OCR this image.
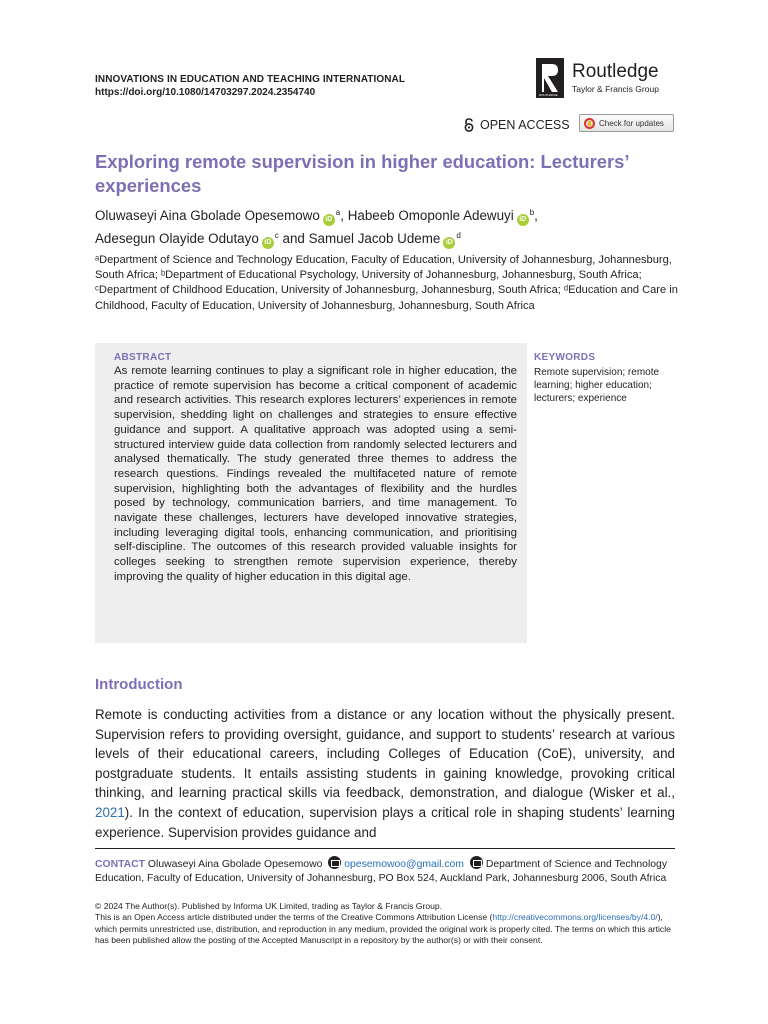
INNOVATIONS IN EDUCATION AND TEACHING INTERNATIONAL
https://doi.org/10.1080/14703297.2024.2354740	ROUTLEDGE
Routledge
Taylor & Francis Group
OPEN ACCESS	Check for updates
Exploring remote supervision in higher education: Lecturers’ experiences
Oluwaseyi Aina Gbolade Opesemowo $iD^a$, Habeeb Omoponle Adewuyi $iD^b$,
Adesegun Olayide Odutayo $iD^c$ and Samuel Jacob Udeme $iD^d$
ᵃDepartment of Science and Technology Education, Faculty of Education, University of Johannesburg, Johannesburg, South Africa; ᵇDepartment of Educational Psychology, University of Johannesburg, Johannesburg, South Africa; ᶜDepartment of Childhood Education, University of Johannesburg, Johannesburg, South Africa; ᵈEducation and Care in Childhood, Faculty of Education, University of Johannesburg, Johannesburg, South Africa
ABSTRACT
As remote learning continues to play a significant role in higher education, the practice of remote supervision has become a critical component of academic and research activities. This research explores lecturers’ experiences in remote supervision, shedding light on challenges and strategies to ensure effective guidance and support. A qualitative approach was adopted using a semi-structured interview guide data collection from randomly selected lecturers and analysed thematically. The study generated three themes to address the research questions. Findings revealed the multifaceted nature of remote supervision, highlighting both the advantages of flexibility and the hurdles posed by technology, communication barriers, and time management. To navigate these challenges, lecturers have developed innovative strategies, including leveraging digital tools, enhancing communication, and prioritising self-discipline. The outcomes of this research provided valuable insights for colleges seeking to strengthen remote supervision experience, thereby improving the quality of higher education in this digital age.
KEYWORDS
Remote supervision; remote learning; higher education; lecturers; experience
Introduction

Remote is conducting activities from a distance or any location without the physically present. Supervision refers to providing oversight, guidance, and support to students’ research at various levels of their educational careers, including Colleges of Education (CoE), university, and postgraduate students. It entails assisting students in gaining knowledge, provoking critical thinking, and learning practical skills via feedback, demonstration, and dialogue (Wisker et al., 2021). In the context of education, supervision plays a critical role in shaping students’ learning experience. Supervision provides guidance and

CONTACT Oluwaseyi Aina Gbolade Opesemowo opesemowoo@gmail.com Department of Science and Technology Education, Faculty of Education, University of Johannesburg, PO Box 524, Auckland Park, Johannesburg 2006, South Africa
© 2024 The Author(s). Published by Informa UK Limited, trading as Taylor & Francis Group.
This is an Open Access article distributed under the terms of the Creative Commons Attribution License (http://creativecommons.org/licenses/by/4.0/), which permits unrestricted use, distribution, and reproduction in any medium, provided the original work is properly cited. The terms on which this article has been published allow the posting of the Accepted Manuscript in a repository by the author(s) or with their consent.
